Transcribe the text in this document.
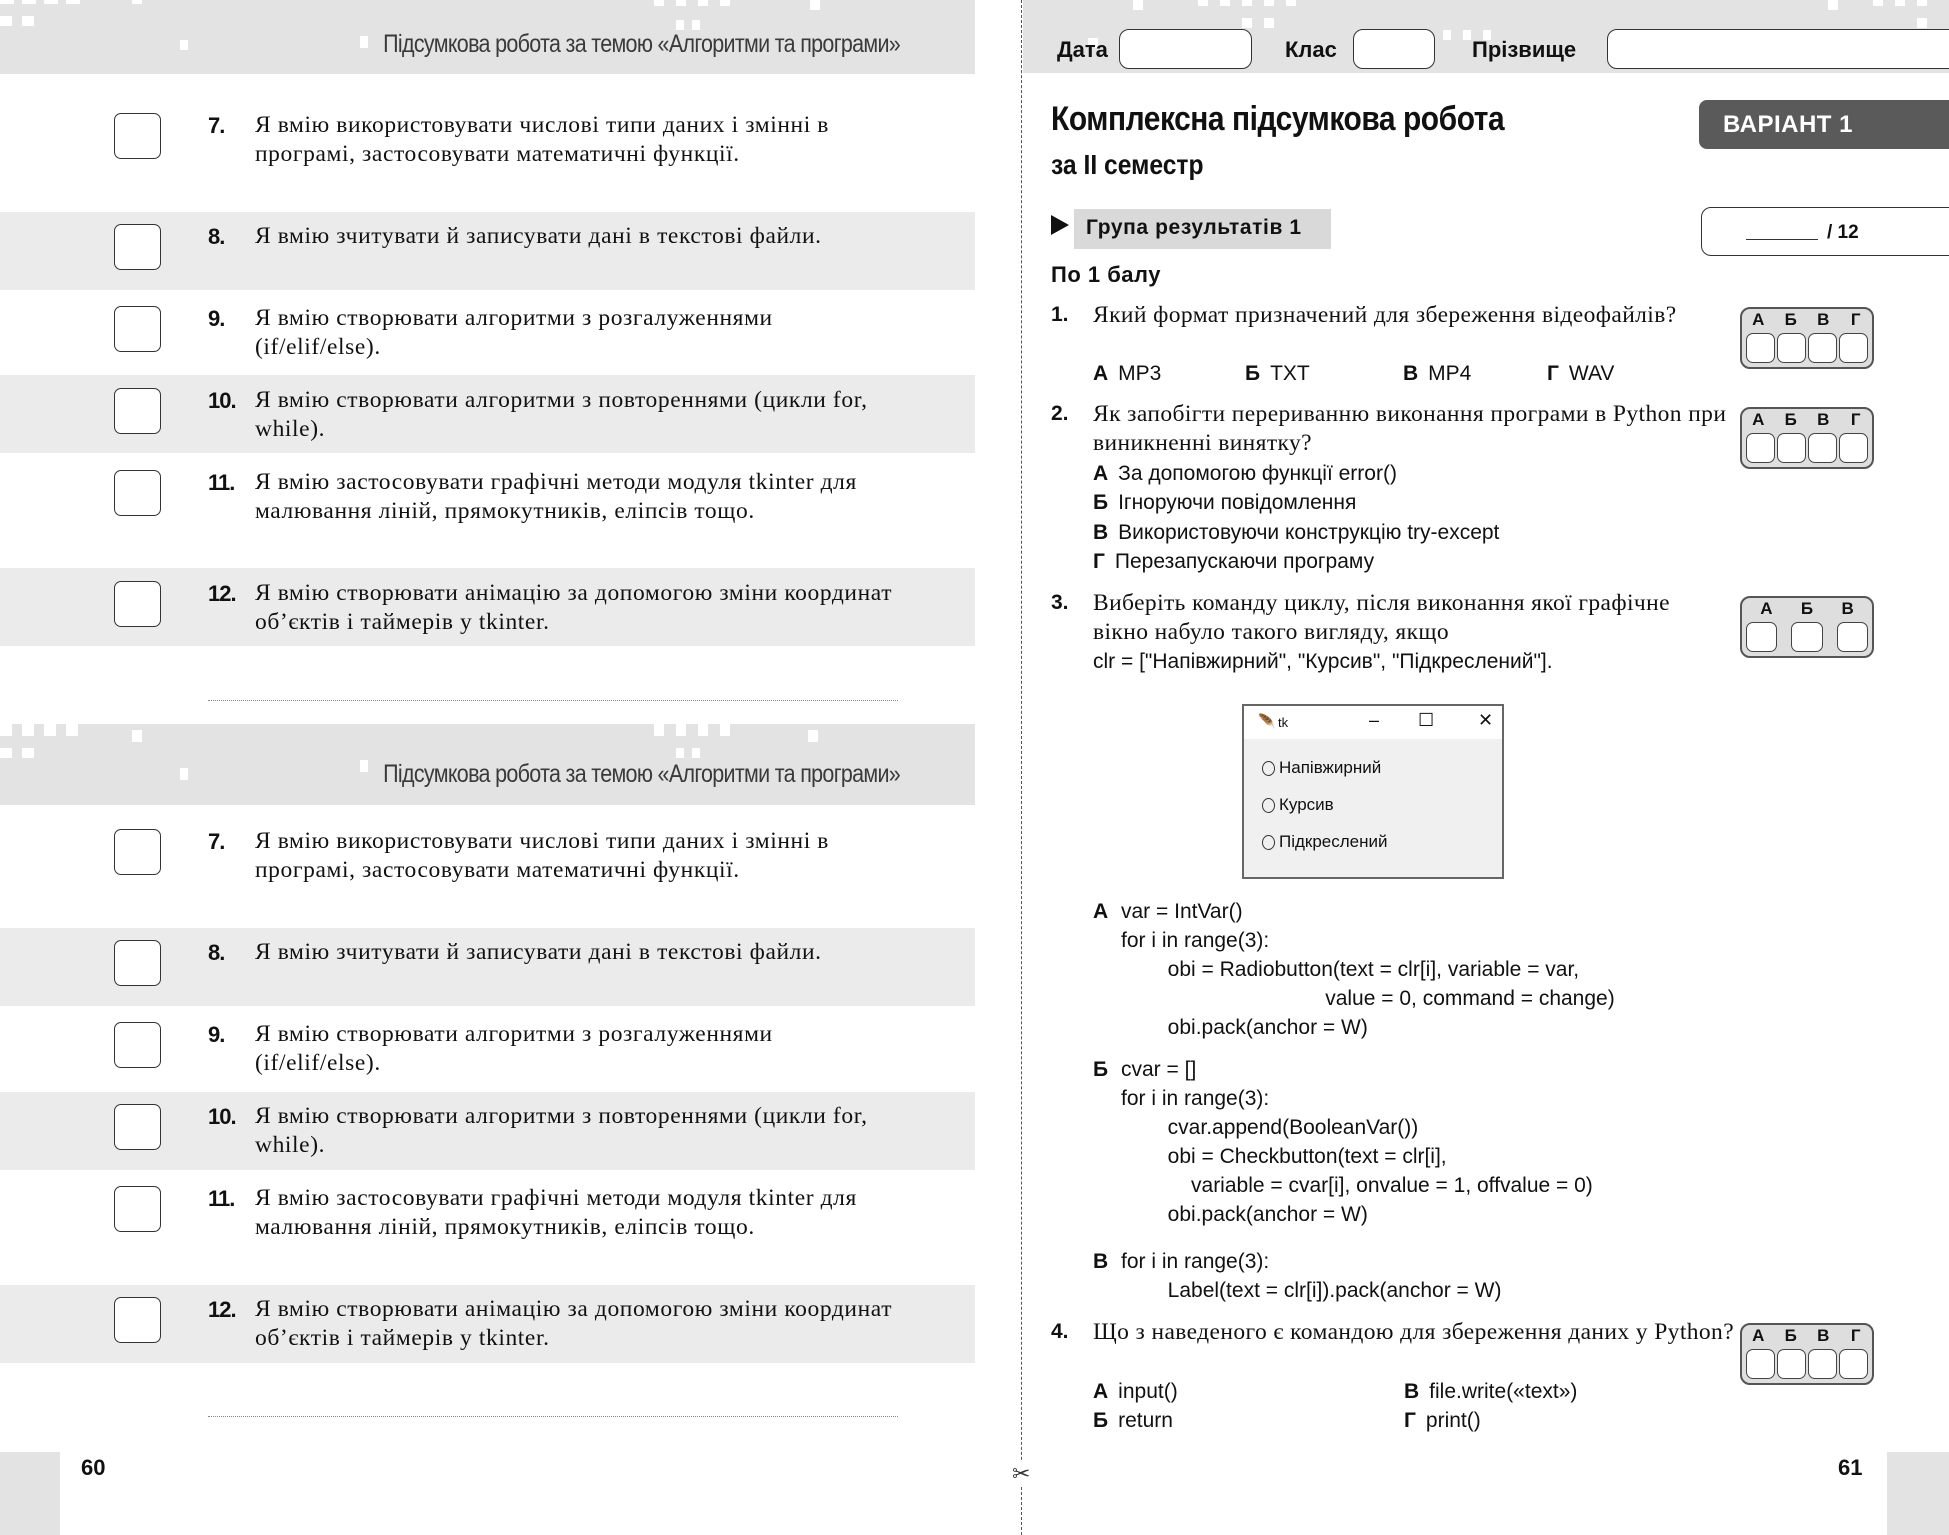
Підсумкова робота за темою «Алгоритми та програми»
7. Я вмію використовувати числові типи даних і змінні в програмі, застосовувати математичні функції.
8. Я вмію зчитувати й записувати дані в текстові файли.
9. Я вмію створювати алгоритми з розгалуженнями (if/elif/else).
10. Я вмію створювати алгоритми з повтореннями (цикли for, while).
11. Я вмію застосовувати графічні методи модуля tkinter для малювання ліній, прямокутників, еліпсів тощо.
12. Я вмію створювати анімацію за допомогою зміни координат об’єктів і таймерів у tkinter.
Підсумкова робота за темою «Алгоритми та програми»
7. Я вмію використовувати числові типи даних і змінні в програмі, застосовувати математичні функції.
8. Я вмію зчитувати й записувати дані в текстові файли.
9. Я вмію створювати алгоритми з розгалуженнями (if/elif/else).
10. Я вмію створювати алгоритми з повтореннями (цикли for, while).
11. Я вмію застосовувати графічні методи модуля tkinter для малювання ліній, прямокутників, еліпсів тощо.
12. Я вмію створювати анімацію за допомогою зміни координат об’єктів і таймерів у tkinter.
60	✂
Дата	Клас	Прізвище
Комплексна підсумкова робота
за ІІ семестр
ВАРІАНТ 1
/ 12
Група результатів 1
По 1 балу
1. Який формат призначений для збереження відеофайлів?
А MP3	Б TXT	В MP4	Г WAV
А	Б	В	Г
2. Як запобігти перериванню виконання програми в Python при виникненні винятку?
А За допомогою функції error()
Б Ігноруючи повідомлення
В Використовуючи конструкцію try-except
Г Перезапускаючи програму
А	Б	В	Г
3. Виберіть команду циклу, після виконання якої графічне вікно набуло такого вигляду, якщо
clr = ["Напівжирний", "Курсив", "Підкреслений"].
А	Б	В
🪶 tk	– ☐ ✕
Напівжирний
Курсив
Підкреслений
А var = IntVar()
for i in range(3):
obi = Radiobutton(text = clr[i], variable = var,
value = 0, command = change)
obi.pack(anchor = W)
Б cvar = []
for i in range(3):
cvar.append(BooleanVar())
obi = Checkbutton(text = clr[i],
variable = cvar[i], onvalue = 1, offvalue = 0)
obi.pack(anchor = W)
В for i in range(3):
Label(text = clr[i]).pack(anchor = W)
4. Що з наведеного є командою для збереження даних у Python?
А input()
Б return
В file.write(«text»)
Г print()
А	Б	В	Г
61
